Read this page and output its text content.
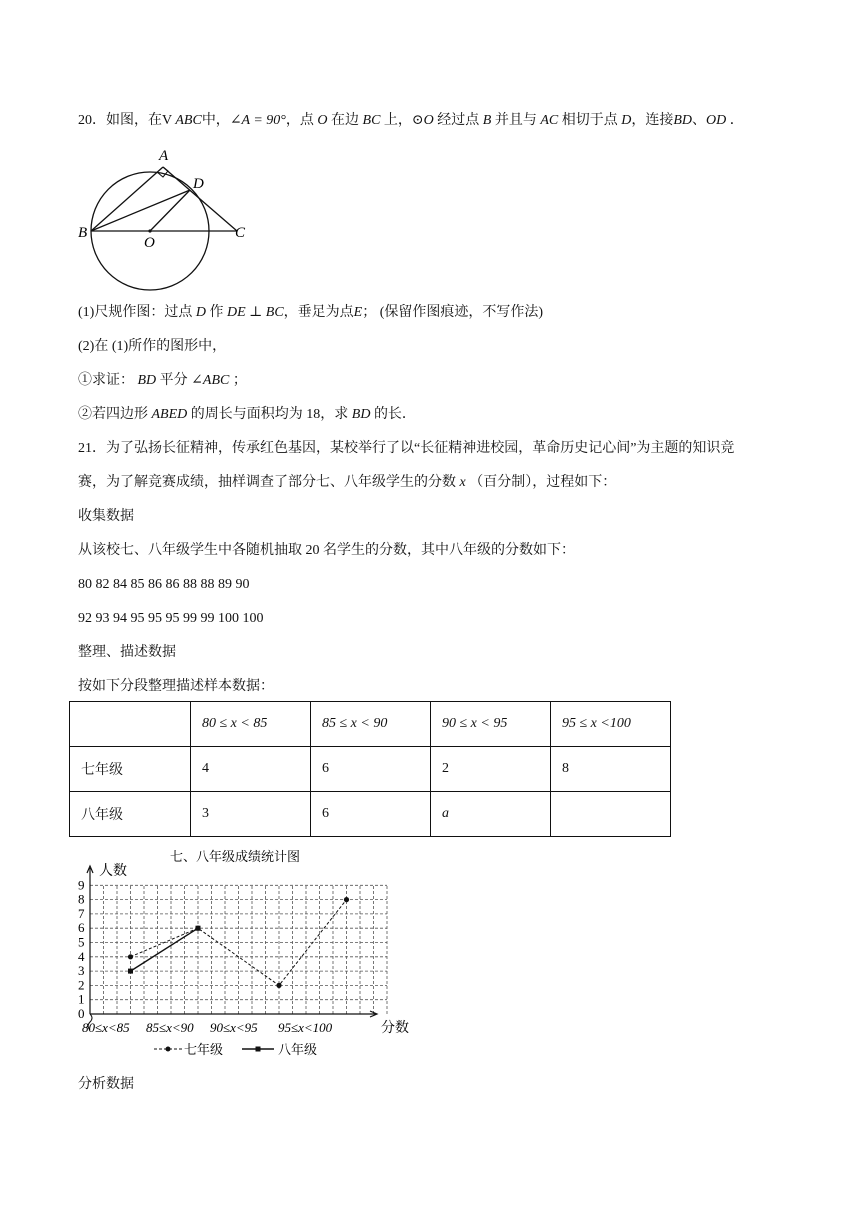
20．如图，在V ABC中，∠A = 90°，点 O 在边 BC 上，⊙O 经过点 B 并且与 AC 相切于点 D，连接BD、OD ．
A
B	C
D
O
(1)尺规作图：过点 D 作 DE ⊥ BC，垂足为点E； (保留作图痕迹，不写作法)
(2)在 (1)所作的图形中，
①求证： BD 平分 ∠ABC ；
②若四边形 ABED 的周长与面积均为 18，求 BD 的长．
21．为了弘扬长征精神，传承红色基因，某校举行了以“长征精神进校园，革命历史记心间”为主题的知识竞
赛，为了解竞赛成绩，抽样调查了部分七、八年级学生的分数 x （百分制），过程如下：
收集数据
从该校七、八年级学生中各随机抽取 20 名学生的分数，其中八年级的分数如下：
80 82 84 85 86 86 88 88 89 90
92 93 94 95 95 95 99 99 100 100
整理、描述数据
按如下分段整理描述样本数据：
	80 ≤ x < 85	85 ≤ x < 90	90 ≤ x < 95	95 ≤ x <100
七年级	4	6	2	8
八年级	3	6	a	
七、八年级成绩统计图
人数
分数
0
1
2
3
4
5
6
7
8
9
80≤x<85 85≤x<90 90≤x<95 95≤x<100
七年级	八年级
分析数据
